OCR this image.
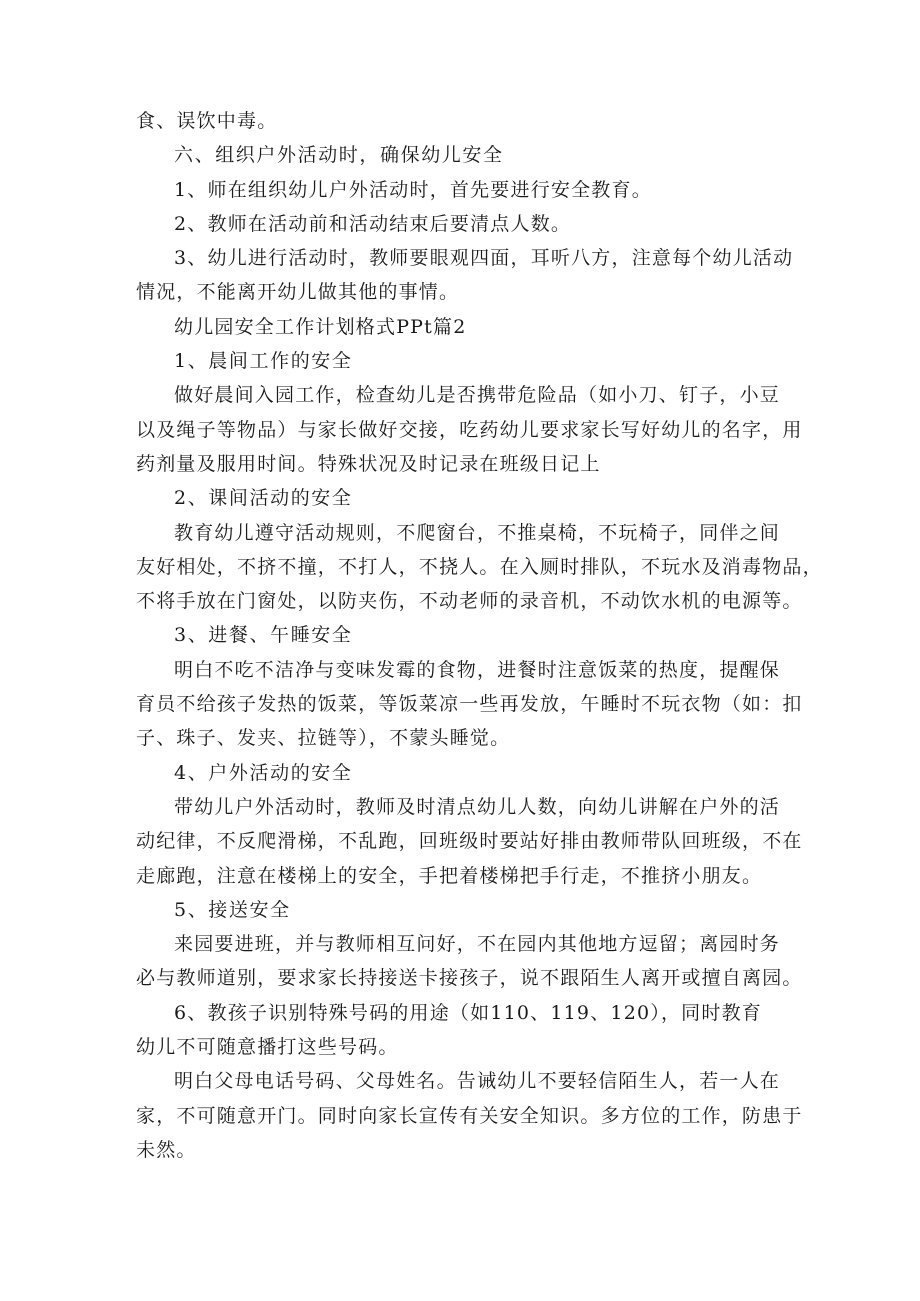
食、误饮中毒。
六、组织户外活动时，确保幼儿安全
1、师在组织幼儿户外活动时，首先要进行安全教育。
2、教师在活动前和活动结束后要清点人数。
3、幼儿进行活动时，教师要眼观四面，耳听八方，注意每个幼儿活动
情况，不能离开幼儿做其他的事情。
幼儿园安全工作计划格式PPt篇2
1、晨间工作的安全
做好晨间入园工作，检查幼儿是否携带危险品（如小刀、钉子，小豆
以及绳子等物品）与家长做好交接，吃药幼儿要求家长写好幼儿的名字，用
药剂量及服用时间。特殊状况及时记录在班级日记上
2、课间活动的安全
教育幼儿遵守活动规则，不爬窗台，不推桌椅，不玩椅子，同伴之间
友好相处，不挤不撞，不打人，不挠人。在入厕时排队，不玩水及消毒物品，
不将手放在门窗处，以防夹伤，不动老师的录音机，不动饮水机的电源等。
3、进餐、午睡安全
明白不吃不洁净与变味发霉的食物，进餐时注意饭菜的热度，提醒保
育员不给孩子发热的饭菜，等饭菜凉一些再发放，午睡时不玩衣物（如：扣
子、珠子、发夹、拉链等），不蒙头睡觉。
4、户外活动的安全
带幼儿户外活动时，教师及时清点幼儿人数，向幼儿讲解在户外的活
动纪律，不反爬滑梯，不乱跑，回班级时要站好排由教师带队回班级，不在
走廊跑，注意在楼梯上的安全，手把着楼梯把手行走，不推挤小朋友。
5、接送安全
来园要进班，并与教师相互问好，不在园内其他地方逗留；离园时务
必与教师道别，要求家长持接送卡接孩子，说不跟陌生人离开或擅自离园。
6、教孩子识别特殊号码的用途（如110、119、120），同时教育
幼儿不可随意播打这些号码。
明白父母电话号码、父母姓名。告诫幼儿不要轻信陌生人，若一人在
家，不可随意开门。同时向家长宣传有关安全知识。多方位的工作，防患于
未然。
